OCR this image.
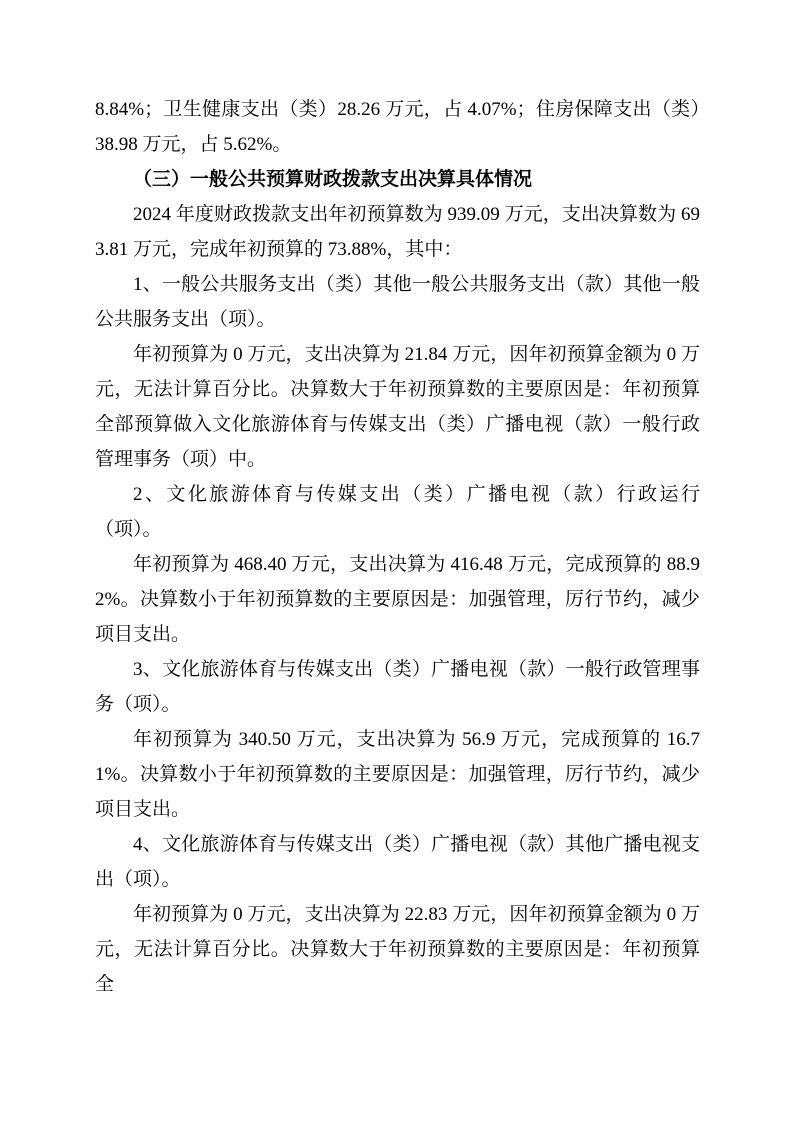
8.84%；卫生健康支出（类）28.26 万元，占 4.07%；住房保障支出（类）38.98 万元，占 5.62%。

（三）一般公共预算财政拨款支出决算具体情况

2024 年度财政拨款支出年初预算数为 939.09 万元，支出决算数为 693.81 万元，完成年初预算的 73.88%，其中：

1、一般公共服务支出（类）其他一般公共服务支出（款）其他一般公共服务支出（项）。

年初预算为 0 万元，支出决算为 21.84 万元，因年初预算金额为 0 万元，无法计算百分比。决算数大于年初预算数的主要原因是：年初预算全部预算做入文化旅游体育与传媒支出（类）广播电视（款）一般行政管理事务（项）中。

2、文化旅游体育与传媒支出（类）广播电视（款）行政运行（项）。

年初预算为 468.40 万元，支出决算为 416.48 万元，完成预算的 88.92%。决算数小于年初预算数的主要原因是：加强管理，厉行节约，减少项目支出。

3、文化旅游体育与传媒支出（类）广播电视（款）一般行政管理事务（项）。

年初预算为 340.50 万元，支出决算为 56.9 万元，完成预算的 16.71%。决算数小于年初预算数的主要原因是：加强管理，厉行节约，减少项目支出。

4、文化旅游体育与传媒支出（类）广播电视（款）其他广播电视支出（项）。

年初预算为 0 万元，支出决算为 22.83 万元，因年初预算金额为 0 万元，无法计算百分比。决算数大于年初预算数的主要原因是：年初预算全
